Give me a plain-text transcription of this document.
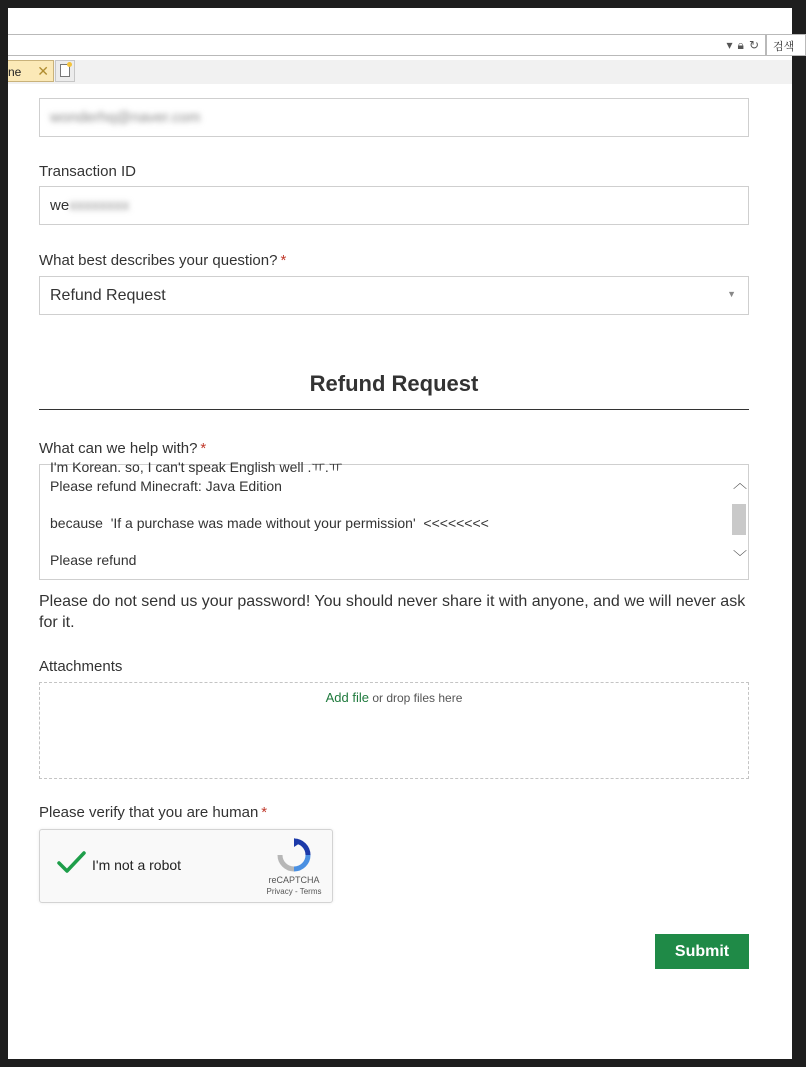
▾ 🔒︎ ↻	검색
ne ✕
wonderhq@naver.com
Transaction ID
wexxxxxxxx
What best describes your question? *
Refund Request	▼
Refund Request
What can we help with? *
I'm Korean. so, I can't speak English well .ㅠ.ㅠ
Please refund Minecraft: Java Edition
because  'If a purchase was made without your permission'  <<<<<<<<
Please refund
︿
﹀
Please do not send us your password! You should never share it with anyone, and we will never ask for it.
Attachments
Add file or drop files here
Please verify that you are human *
I'm not a robot
reCAPTCHA
Privacy - Terms
Submit
